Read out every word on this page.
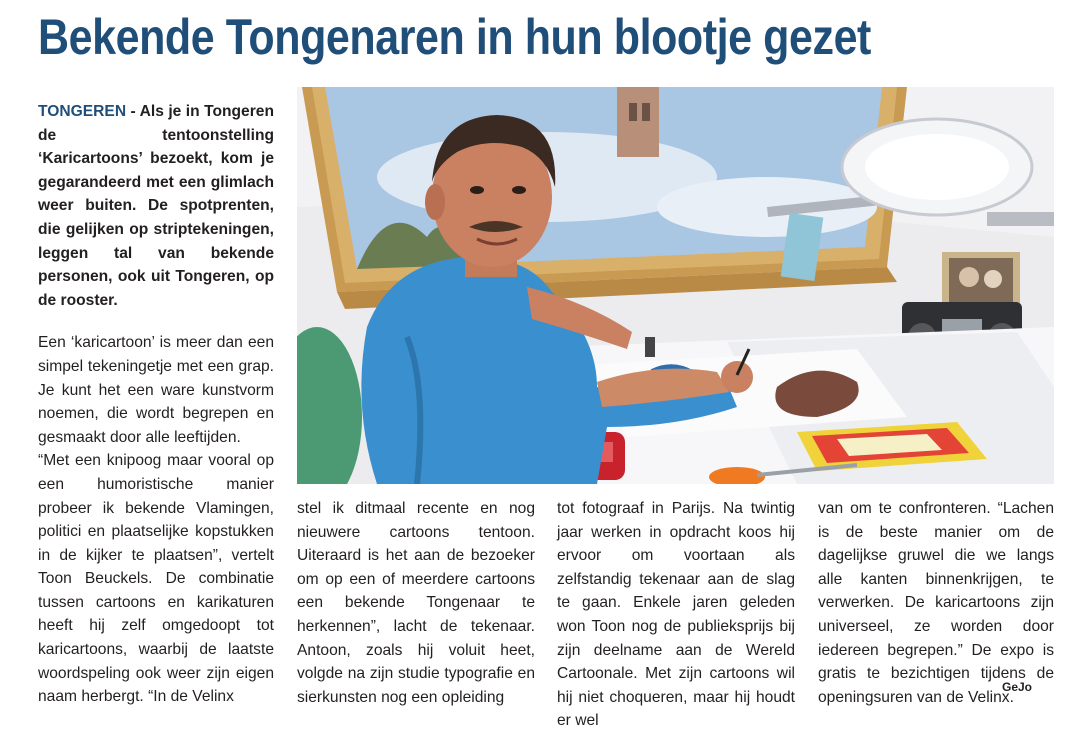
Bekende Tongenaren in hun blootje gezet

TONGEREN - Als je in Tongeren de tentoonstelling ‘Karicartoons’ bezoekt, kom je gegarandeerd met een glimlach weer buiten. De spotprenten, die gelijken op striptekeningen, leggen tal van bekende personen, ook uit Tongeren, op de rooster.

Een ‘karicartoon’ is meer dan een simpel tekeningetje met een grap. Je kunt het een ware kunstvorm noemen, die wordt begrepen en gesmaakt door alle leeftijden.

“Met een knipoog maar vooral op een humoristische manier probeer ik bekende Vlamingen, politici en plaatselijke kopstukken in de kijker te plaatsen”, vertelt Toon Beuckels. De combinatie tussen cartoons en karikaturen heeft hij zelf omgedoopt tot karicartoons, waarbij de laatste woordspeling ook weer zijn eigen naam herbergt. “In de Velinx

stel ik ditmaal recente en nog nieuwere cartoons tentoon. Uiteraard is het aan de bezoeker om op een of meerdere cartoons een bekende Tongenaar te herkennen”, lacht de tekenaar. Antoon, zoals hij voluit heet, volgde na zijn studie typografie en sierkunsten nog een opleiding

tot fotograaf in Parijs. Na twintig jaar werken in opdracht koos hij ervoor om voortaan als zelfstandig tekenaar aan de slag te gaan. Enkele jaren geleden won Toon nog de publieksprijs bij zijn deelname aan de Wereld Cartoonale. Met zijn cartoons wil hij niet choqueren, maar hij houdt er wel

van om te confronteren. “Lachen is de beste manier om de dagelijkse gruwel die we langs alle kanten binnenkrijgen, te verwerken. De karicartoons zijn universeel, ze worden door iedereen begrepen.” De expo is gratis te bezichtigen tijdens de openingsuren van de Velinx.

GeJo
